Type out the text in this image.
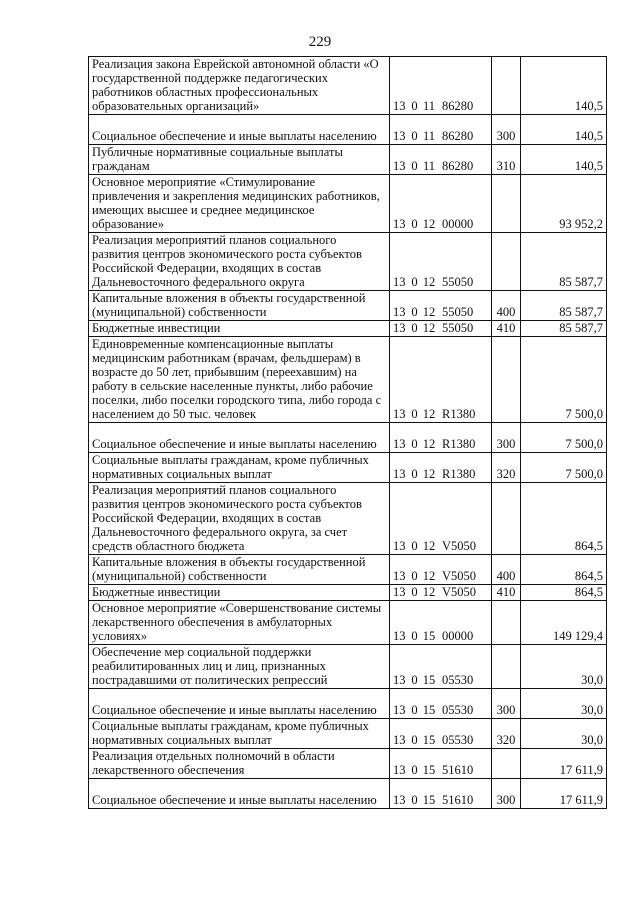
229
Реализация закона Еврейской автономной области «О государственной поддержке педагогических работников областных профессиональных образовательных организаций»	13 0 11 86280		140,5
Социальное обеспечение и иные выплаты населению	13 0 11 86280	300	140,5
Публичные нормативные социальные выплаты гражданам	13 0 11 86280	310	140,5
Основное мероприятие «Стимулирование привлечения и закрепления медицинских работников, имеющих высшее и среднее медицинское образование»	13 0 12 00000		93 952,2
Реализация мероприятий планов социального развития центров экономического роста субъектов Российской Федерации, входящих в состав Дальневосточного федерального округа	13 0 12 55050		85 587,7
Капитальные вложения в объекты государственной (муниципальной) собственности	13 0 12 55050	400	85 587,7
Бюджетные инвестиции	13 0 12 55050	410	85 587,7
Единовременные компенсационные выплаты медицинским работникам (врачам, фельдшерам) в возрасте до 50 лет, прибывшим (переехавшим) на работу в сельские населенные пункты, либо рабочие поселки, либо поселки городского типа, либо города с населением до 50 тыс. человек	13 0 12 R1380		7 500,0
Социальное обеспечение и иные выплаты населению	13 0 12 R1380	300	7 500,0
Социальные выплаты гражданам, кроме публичных нормативных социальных выплат	13 0 12 R1380	320	7 500,0
Реализация мероприятий планов социального развития центров экономического роста субъектов Российской Федерации, входящих в состав Дальневосточного федерального округа, за счет средств областного бюджета	13 0 12 V5050		864,5
Капитальные вложения в объекты государственной (муниципальной) собственности	13 0 12 V5050	400	864,5
Бюджетные инвестиции	13 0 12 V5050	410	864,5
Основное мероприятие «Совершенствование системы лекарственного обеспечения в амбулаторных условиях»	13 0 15 00000		149 129,4
Обеспечение мер социальной поддержки реабилитированных лиц и лиц, признанных пострадавшими от политических репрессий	13 0 15 05530		30,0
Социальное обеспечение и иные выплаты населению	13 0 15 05530	300	30,0
Социальные выплаты гражданам, кроме публичных нормативных социальных выплат	13 0 15 05530	320	30,0
Реализация отдельных полномочий в области лекарственного обеспечения	13 0 15 51610		17 611,9
Социальное обеспечение и иные выплаты населению	13 0 15 51610	300	17 611,9
